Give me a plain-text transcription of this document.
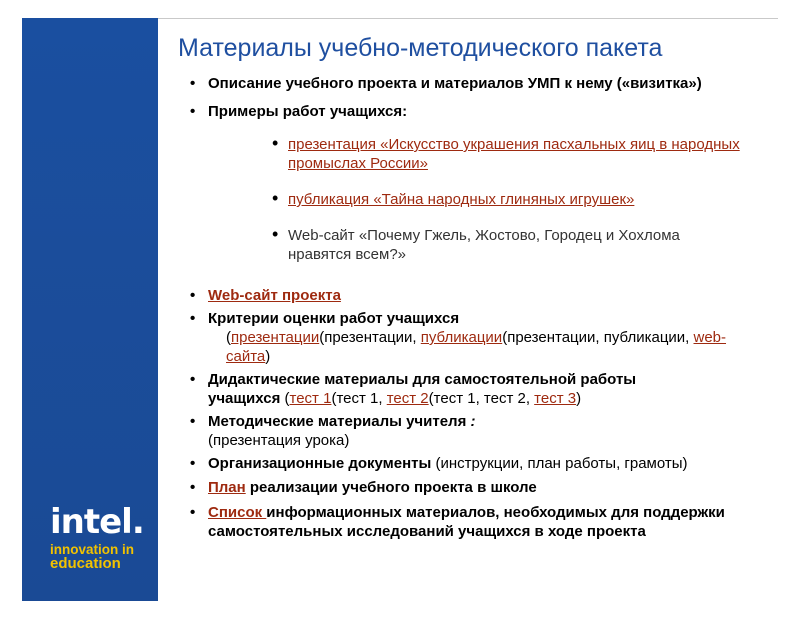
intel.
innovation in
education
Материалы учебно-методического пакета
• Описание учебного проекта и материалов УМП к нему («визитка»)
• Примеры работ учащихся:
• презентация «Искусство украшения пасхальных яиц в народных промыслах России»
• публикация «Тайна народных глиняных игрушек»
• Web-сайт «Почему Гжель, Жостово, Городец и Хохлома нравятся всем?»
• Web-сайт проекта
• Критерии оценки работ учащихся
(презентации(презентации, публикации(презентации, публикации, web-сайта)
• Дидактические материалы для самостоятельной работы
учащихся (тест 1(тест 1, тест 2(тест 1, тест 2, тест 3)
• Методические материалы учителя :
(презентация урока)
• Организационные документы (инструкции, план работы, грамоты)
• План реализации учебного проекта в школе
• Список информационных материалов, необходимых для поддержки самостоятельных исследований учащихся в ходе проекта
